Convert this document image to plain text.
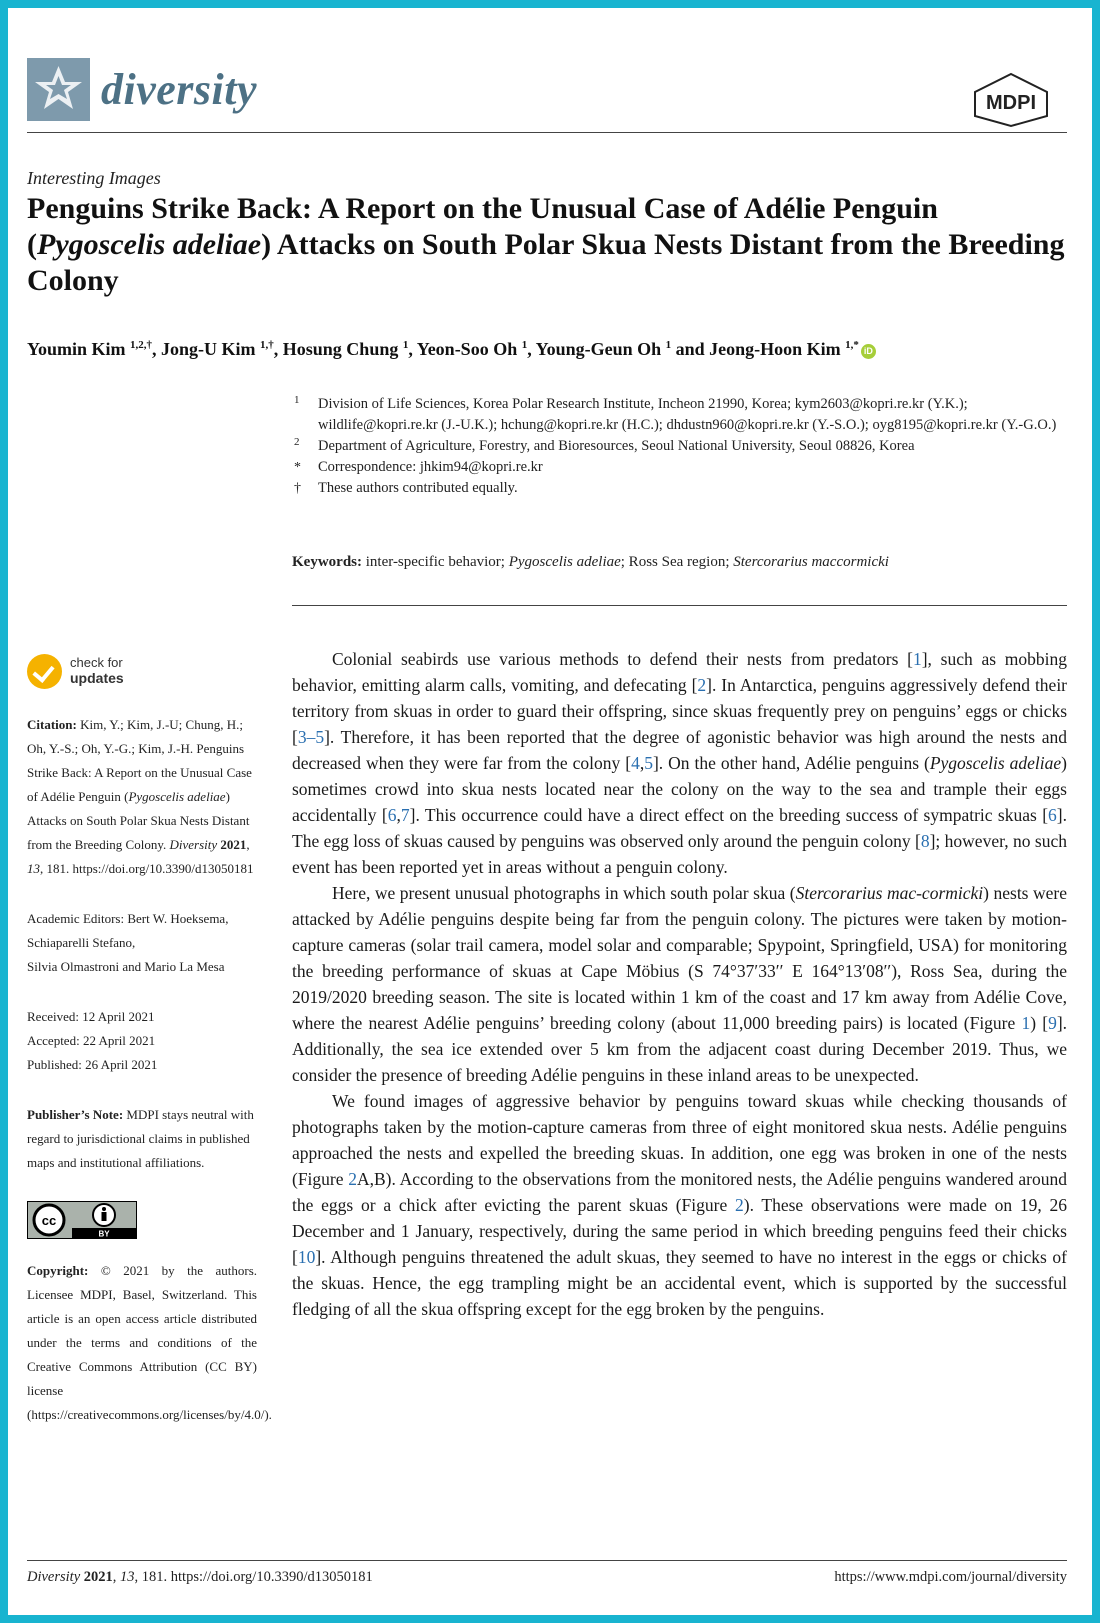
diversity	MDPI
Interesting Images
Penguins Strike Back: A Report on the Unusual Case of Adélie Penguin (Pygoscelis adeliae) Attacks on South Polar Skua Nests Distant from the Breeding Colony
Youmin Kim $^{1,2,\dagger}$, Jong-U Kim $^{1,\dagger}$, Hosung Chung $^1$, Yeon-Soo Oh $^1$, Young-Geun Oh $^1$ and Jeong-Hoon Kim $^{1,*}$ iD
1 Division of Life Sciences, Korea Polar Research Institute, Incheon 21990, Korea; kym2603@kopri.re.kr (Y.K.); wildlife@kopri.re.kr (J.-U.K.); hchung@kopri.re.kr (H.C.); dhdustn960@kopri.re.kr (Y.-S.O.); oyg8195@kopri.re.kr (Y.-G.O.)
2 Department of Agriculture, Forestry, and Bioresources, Seoul National University, Seoul 08826, Korea
* Correspondence: jhkim94@kopri.re.kr
† These authors contributed equally.
Keywords: inter-specific behavior; Pygoscelis adeliae; Ross Sea region; Stercorarius maccormicki
check for
updates

Citation: Kim, Y.; Kim, J.-U; Chung, H.; Oh, Y.-S.; Oh, Y.-G.; Kim, J.-H. Penguins Strike Back: A Report on the Unusual Case of Adélie Penguin (Pygoscelis adeliae) Attacks on South Polar Skua Nests Distant from the Breeding Colony. Diversity 2021, 13, 181. https://doi.org/10.3390/d13050181

Academic Editors: Bert W. Hoeksema,
Schiaparelli Stefano,
Silvia Olmastroni and Mario La Mesa

Received: 12 April 2021
Accepted: 22 April 2021
Published: 26 April 2021

Publisher’s Note: MDPI stays neutral with regard to jurisdictional claims in published maps and institutional affiliations.

cc
BY

Copyright: © 2021 by the authors. Licensee MDPI, Basel, Switzerland. This article is an open access article distributed under the terms and conditions of the Creative Commons Attribution (CC BY) license (https://creativecommons.org/licenses/by/4.0/).

Colonial seabirds use various methods to defend their nests from predators [1], such as mobbing behavior, emitting alarm calls, vomiting, and defecating [2]. In Antarctica, penguins aggressively defend their territory from skuas in order to guard their offspring, since skuas frequently prey on penguins’ eggs or chicks [3–5]. Therefore, it has been reported that the degree of agonistic behavior was high around the nests and decreased when they were far from the colony [4,5]. On the other hand, Adélie penguins (Pygoscelis adeliae) sometimes crowd into skua nests located near the colony on the way to the sea and trample their eggs accidentally [6,7]. This occurrence could have a direct effect on the breeding success of sympatric skuas [6]. The egg loss of skuas caused by penguins was observed only around the penguin colony [8]; however, no such event has been reported yet in areas without a penguin colony.

Here, we present unusual photographs in which south polar skua (Stercorarius mac-cormicki) nests were attacked by Adélie penguins despite being far from the penguin colony. The pictures were taken by motion-capture cameras (solar trail camera, model solar and comparable; Spypoint, Springfield, USA) for monitoring the breeding performance of skuas at Cape Möbius (S 74°37′33′′ E 164°13′08′′), Ross Sea, during the 2019/2020 breeding season. The site is located within 1 km of the coast and 17 km away from Adélie Cove, where the nearest Adélie penguins’ breeding colony (about 11,000 breeding pairs) is located (Figure 1) [9]. Additionally, the sea ice extended over 5 km from the adjacent coast during December 2019. Thus, we consider the presence of breeding Adélie penguins in these inland areas to be unexpected.

We found images of aggressive behavior by penguins toward skuas while checking thousands of photographs taken by the motion-capture cameras from three of eight monitored skua nests. Adélie penguins approached the nests and expelled the breeding skuas. In addition, one egg was broken in one of the nests (Figure 2A,B). According to the observations from the monitored nests, the Adélie penguins wandered around the eggs or a chick after evicting the parent skuas (Figure 2). These observations were made on 19, 26 December and 1 January, respectively, during the same period in which breeding penguins feed their chicks [10]. Although penguins threatened the adult skuas, they seemed to have no interest in the eggs or chicks of the skuas. Hence, the egg trampling might be an accidental event, which is supported by the successful fledging of all the skua offspring except for the egg broken by the penguins.

Diversity 2021, 13, 181. https://doi.org/10.3390/d13050181	https://www.mdpi.com/journal/diversity
